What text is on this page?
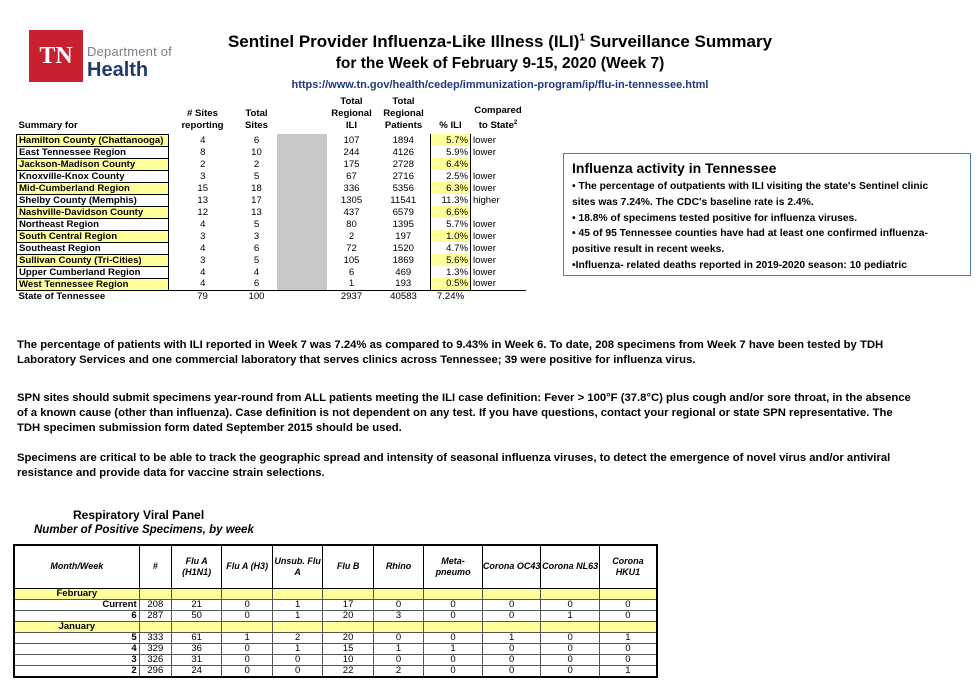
TN	Department of
Health
Sentinel Provider Influenza-Like Illness (ILI)$^1$ Surveillance Summary
for the Week of February 9-15, 2020 (Week 7)
https://www.tn.gov/health/cedep/immunization-program/ip/flu-in-tennessee.html
Summary for	# Sites reporting	Total Sites		Total Regional ILI	Total Regional Patients	% ILI	Compared to State$^2$
Hamilton County (Chattanooga)	4	6		107	1894	5.7%	lower
East Tennessee Region	8	10		244	4126	5.9%	lower
Jackson-Madison County	2	2		175	2728	6.4%	
Knoxville-Knox County	3	5		67	2716	2.5%	lower
Mid-Cumberland Region	15	18		336	5356	6.3%	lower
Shelby County (Memphis)	13	17		1305	11541	11.3%	higher
Nashville-Davidson County	12	13		437	6579	6.6%	
Northeast Region	4	5		80	1395	5.7%	lower
South Central Region	3	3		2	197	1.0%	lower
Southeast Region	4	6		72	1520	4.7%	lower
Sullivan County (Tri-Cities)	3	5		105	1869	5.6%	lower
Upper Cumberland Region	4	4		6	469	1.3%	lower
West Tennessee Region	4	6		1	193	0.5%	lower
State of Tennessee	79	100		2937	40583	7.24%	
Influenza activity in Tennessee
• The percentage of outpatients with ILI visiting the state's Sentinel clinic
sites was 7.24%. The CDC's baseline rate is 2.4%.
• 18.8% of specimens tested positive for influenza viruses.
• 45 of 95 Tennessee counties have had at least one confirmed influenza-
positive result in recent weeks.
•Influenza- related deaths reported in 2019-2020 season: 10 pediatric
The percentage of patients with ILI reported in Week 7 was 7.24% as compared to 9.43% in Week 6. To date, 208 specimens from Week 7 have been tested by TDH Laboratory Services and one commercial laboratory that serves clinics across Tennessee; 39 were positive for influenza virus.
SPN sites should submit specimens year-round from ALL patients meeting the ILI case definition: Fever > 100°F (37.8°C) plus cough and/or sore throat, in the absence of a known cause (other than influenza). Case definition is not dependent on any test. If you have questions, contact your regional or state SPN representative. The TDH specimen submission form dated September 2015 should be used.
Specimens are critical to be able to track the geographic spread and intensity of seasonal influenza viruses, to detect the emergence of novel virus and/or antiviral resistance and provide data for vaccine strain selections.
Respiratory Viral Panel
Number of Positive Specimens, by week
Month/Week	#	Flu A (H1N1)	Flu A (H3)	Unsub. Flu A	Flu B	Rhino	Meta-pneumo	Corona OC43	Corona NL63	Corona HKU1
February										
Current	208	21	0	1	17	0	0	0	0	0
6	287	50	0	1	20	3	0	0	1	0
January										
5	333	61	1	2	20	0	0	1	0	1
4	329	36	0	1	15	1	1	0	0	0
3	326	31	0	0	10	0	0	0	0	0
2	296	24	0	0	22	2	0	0	0	1
